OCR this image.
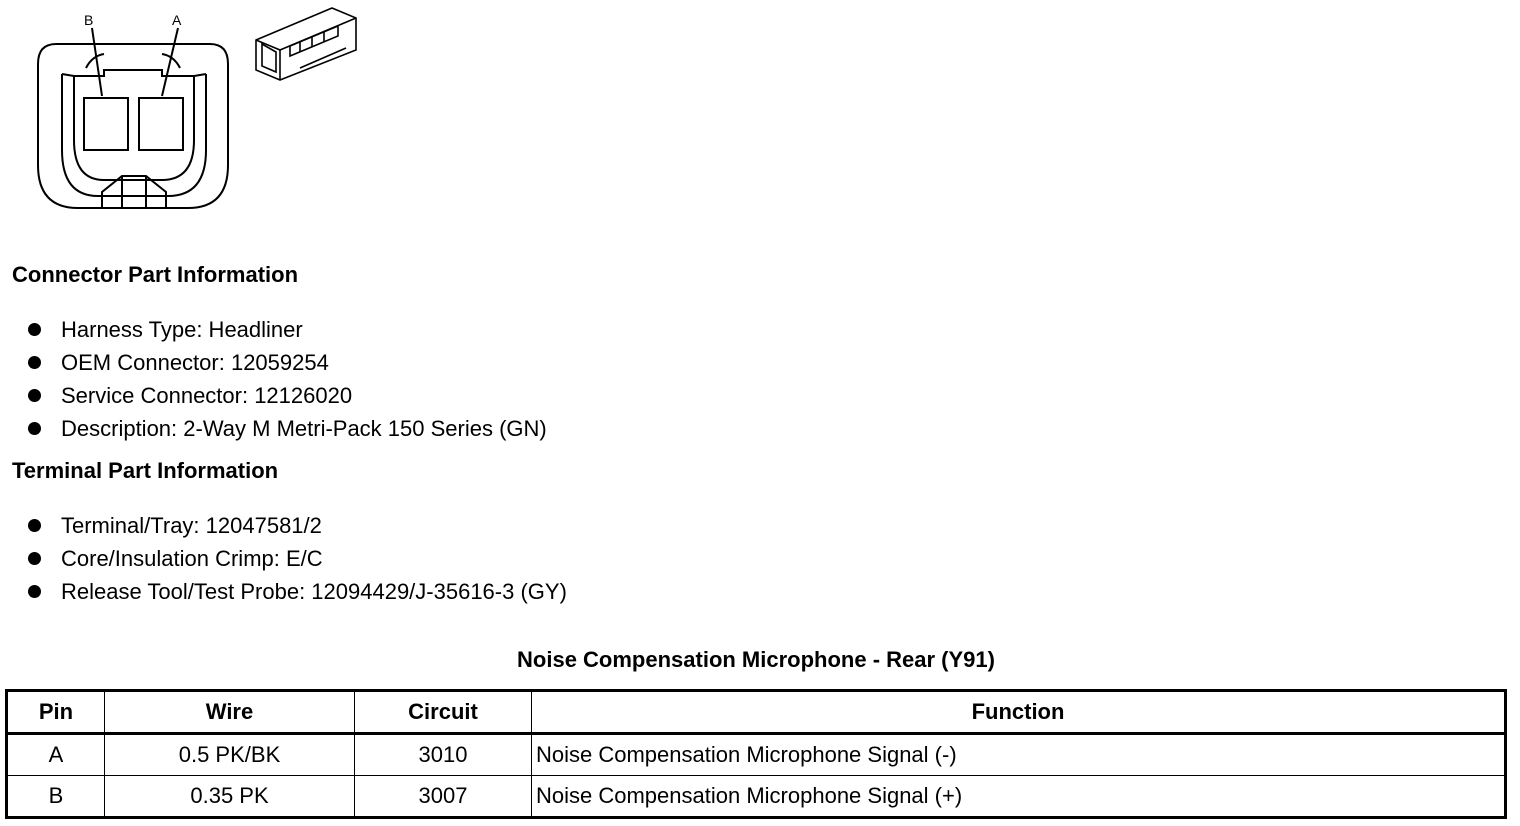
B	A
Connector Part Information
Harness Type: Headliner
OEM Connector: 12059254
Service Connector: 12126020
Description: 2-Way M Metri-Pack 150 Series (GN)
Terminal Part Information
Terminal/Tray: 12047581/2
Core/Insulation Crimp: E/C
Release Tool/Test Probe: 12094429/J-35616-3 (GY)
Noise Compensation Microphone - Rear (Y91)
Pin	Wire	Circuit	Function
A	0.5 PK/BK	3010	Noise Compensation Microphone Signal (-)
B	0.35 PK	3007	Noise Compensation Microphone Signal (+)
